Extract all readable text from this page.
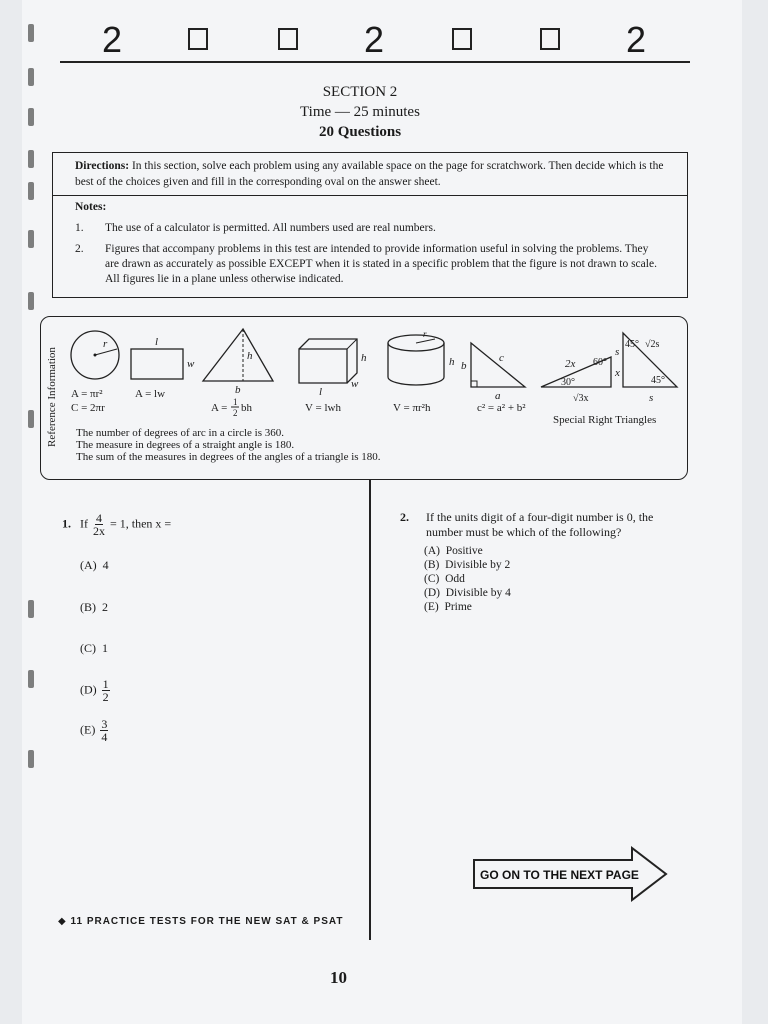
2	2	2
SECTION 2
Time — 25 minutes
20 Questions
Directions: In this section, solve each problem using any available space on the page for scratchwork. Then decide which is the best of the choices given and fill in the corresponding oval on the answer sheet.
Notes:
1.	The use of a calculator is permitted. All numbers used are real numbers.
2.	Figures that accompany problems in this test are intended to provide information useful in solving the problems. They are drawn as accurately as possible EXCEPT when it is stated in a specific problem that the figure is not drawn to scale. All figures lie in a plane unless otherwise indicated.
Reference Information
r
A = πr²
C = 2πr
l
w
A = lw
h
b
A = 1
2 bh
h
w
l
V = lwh
r
h
V = πr²h
b
a
c
c² = a² + b²
2x 60°
30°
x
√3x
s
45° √2s
45°
s
Special Right Triangles
The number of degrees of arc in a circle is 360.
The measure in degrees of a straight angle is 180.
The sum of the measures in degrees of the angles of a triangle is 180.
1. If $\frac{4}{2x} = 1$, then x =
(A) 4
(B) 2
(C) 1
$(D) \frac{1}{2}$
$(E) \frac{3}{4}$
2. If the units digit of a four-digit number is 0, the number must be which of the following?
(A) Positive
(B) Divisible by 2
(C) Odd
(D) Divisible by 4
(E) Prime
GO ON TO THE NEXT PAGE
◆ 11 PRACTICE TESTS FOR THE NEW SAT & PSAT
10
